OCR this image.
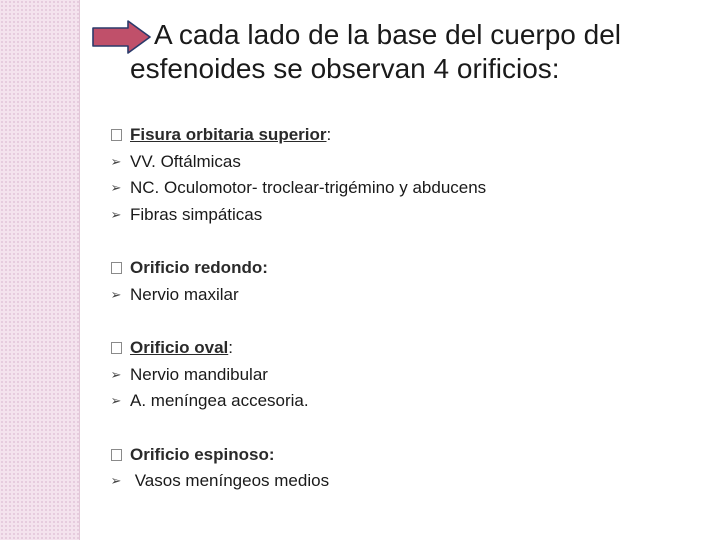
A cada lado de la base del cuerpo del
esfenoides se observan 4 orificios:
Fisura orbitaria superior:
➢ VV. Oftálmicas
➢ NC. Oculomotor- troclear-trigémino y abducens
➢ Fibras simpáticas
Orificio redondo:
➢ Nervio maxilar
Orificio oval:
➢ Nervio mandibular
➢ A. meníngea accesoria.
Orificio espinoso:
➢ Vasos meníngeos medios
